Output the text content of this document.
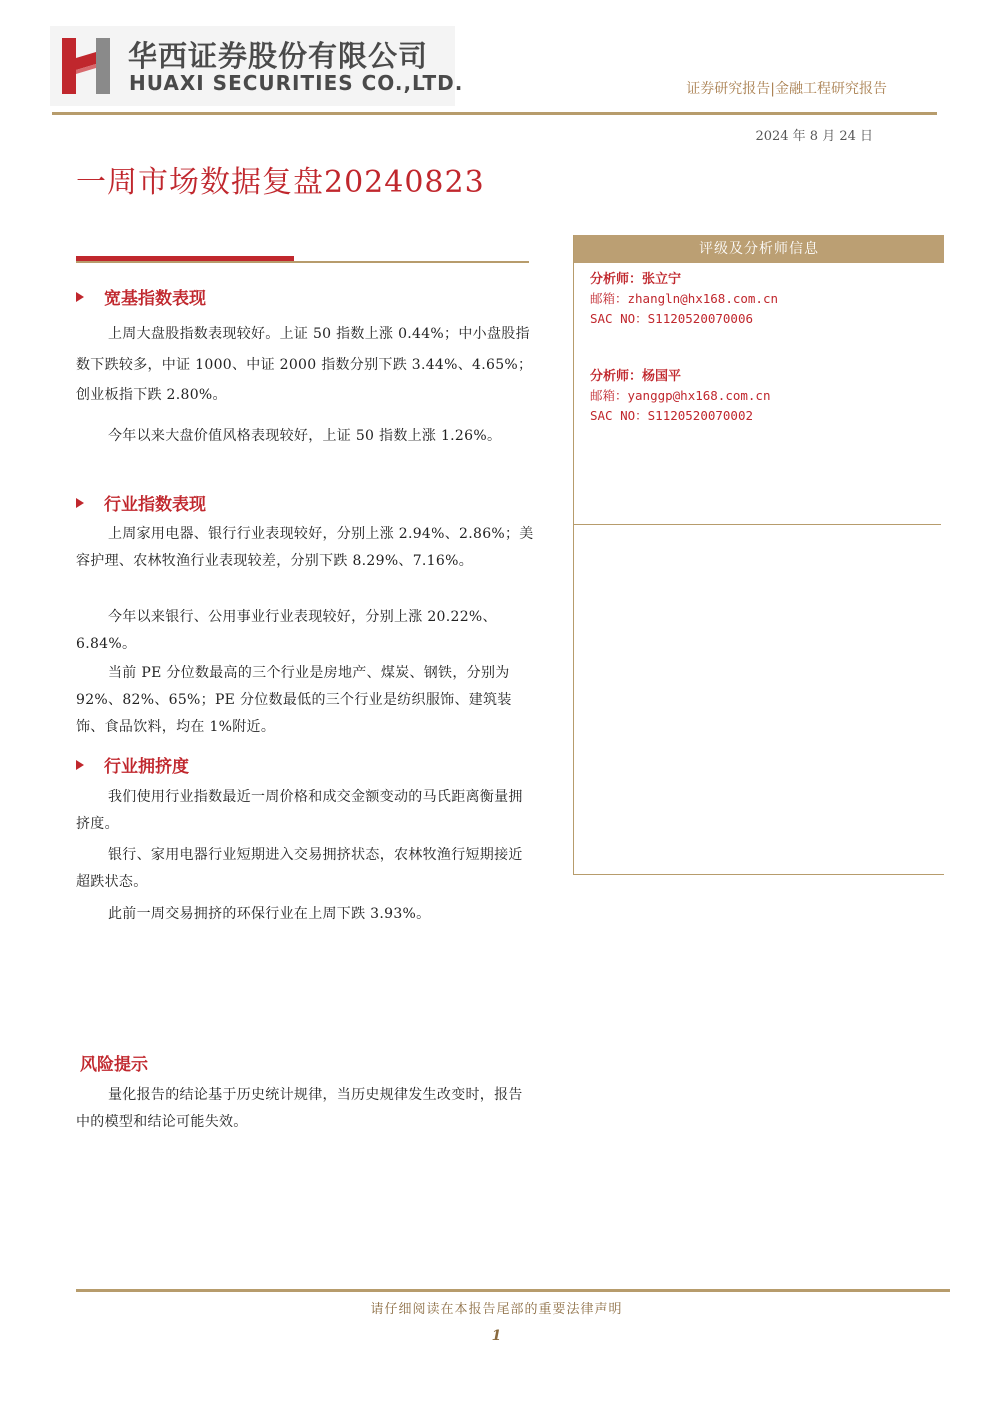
华西证券股份有限公司
HUAXI SECURITIES CO.,LTD.	证券研究报告|金融工程研究报告
2024 年 8 月 24 日
一周市场数据复盘20240823
宽基指数表现

上周大盘股指数表现较好。上证 50 指数上涨 0.44%；中小盘股指数下跌较多，中证 1000、中证 2000 指数分别下跌 3.44%、4.65%；创业板指下跌 2.80%。

今年以来大盘价值风格表现较好，上证 50 指数上涨 1.26%。

行业指数表现

上周家用电器、银行行业表现较好，分别上涨 2.94%、2.86%；美容护理、农林牧渔行业表现较差，分别下跌 8.29%、7.16%。

今年以来银行、公用事业行业表现较好，分别上涨 20.22%、6.84%。

当前 PE 分位数最高的三个行业是房地产、煤炭、钢铁，分别为 92%、82%、65%；PE 分位数最低的三个行业是纺织服饰、建筑装饰、食品饮料，均在 1%附近。

行业拥挤度

我们使用行业指数最近一周价格和成交金额变动的马氏距离衡量拥挤度。

银行、家用电器行业短期进入交易拥挤状态，农林牧渔行短期接近超跌状态。

此前一周交易拥挤的环保行业在上周下跌 3.93%。

风险提示

量化报告的结论基于历史统计规律，当历史规律发生改变时，报告中的模型和结论可能失效。

评级及分析师信息
分析师：张立宁
邮箱：zhangln@hx168.com.cn
SAC NO：S1120520070006
分析师：杨国平
邮箱：yanggp@hx168.com.cn
SAC NO：S1120520070002
请仔细阅读在本报告尾部的重要法律声明
1
